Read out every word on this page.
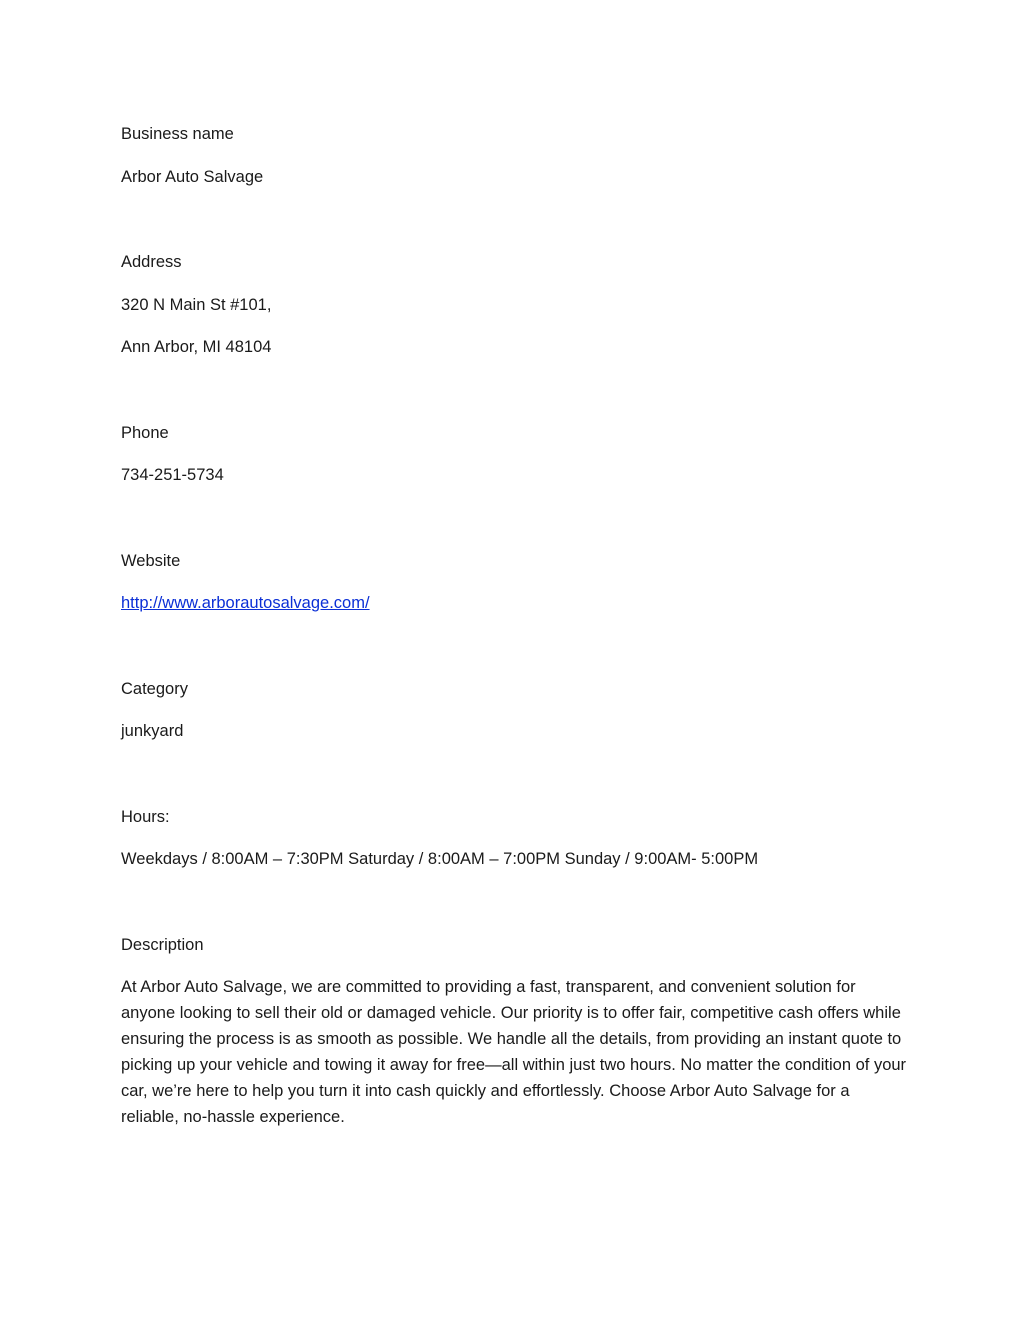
Business name

Arbor Auto Salvage

Address

320 N Main St #101,

Ann Arbor, MI 48104

Phone

734-251-5734

Website

http://www.arborautosalvage.com/

Category

junkyard

Hours:

Weekdays / 8:00AM – 7:30PM Saturday / 8:00AM – 7:00PM Sunday / 9:00AM- 5:00PM

Description

At Arbor Auto Salvage, we are committed to providing a fast, transparent, and convenient solution for anyone looking to sell their old or damaged vehicle. Our priority is to offer fair, competitive cash offers while ensuring the process is as smooth as possible. We handle all the details, from providing an instant quote to picking up your vehicle and towing it away for free—all within just two hours. No matter the condition of your car, we’re here to help you turn it into cash quickly and effortlessly. Choose Arbor Auto Salvage for a reliable, no-hassle experience.
